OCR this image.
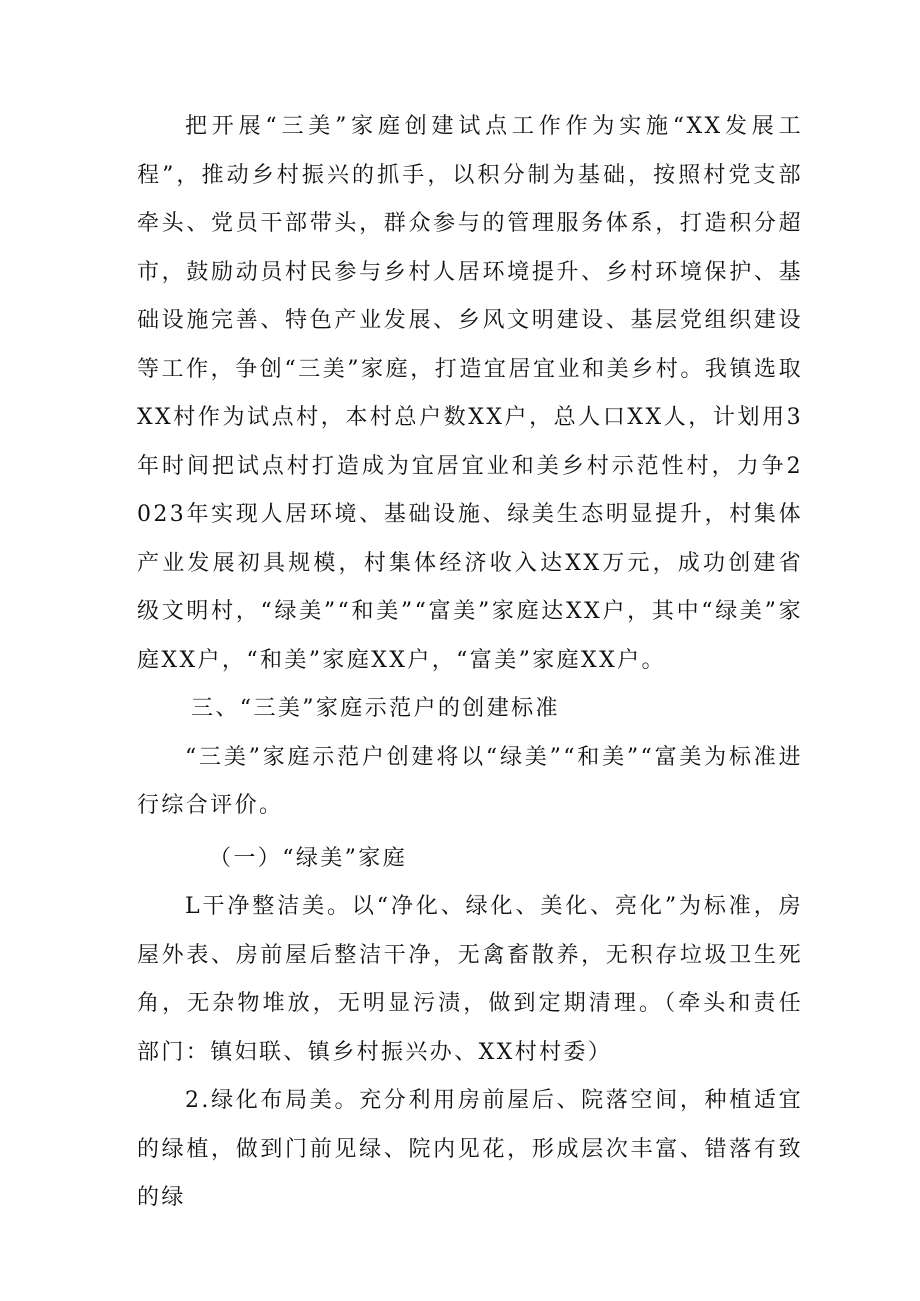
把开展“三美”家庭创建试点工作作为实施“XX发展工程”，推动乡村振兴的抓手，以积分制为基础，按照村党支部牵头、党员干部带头，群众参与的管理服务体系，打造积分超市，鼓励动员村民参与乡村人居环境提升、乡村环境保护、基础设施完善、特色产业发展、乡风文明建设、基层党组织建设等工作，争创“三美”家庭，打造宜居宜业和美乡村。我镇选取XX村作为试点村，本村总户数XX户，总人口XX人，计划用3年时间把试点村打造成为宜居宜业和美乡村示范性村，力争2023年实现人居环境、基础设施、绿美生态明显提升，村集体产业发展初具规模，村集体经济收入达XX万元，成功创建省级文明村，“绿美”“和美”“富美”家庭达XX户，其中“绿美”家庭XX户，“和美”家庭XX户，“富美”家庭XX户。

三、“三美”家庭示范户的创建标准

“三美”家庭示范户创建将以“绿美”“和美”“富美为标准进行综合评价。

（一）“绿美”家庭

L干净整洁美。以“净化、绿化、美化、亮化”为标准，房屋外表、房前屋后整洁干净，无禽畜散养，无积存垃圾卫生死角，无杂物堆放，无明显污渍，做到定期清理。（牵头和责任部门：镇妇联、镇乡村振兴办、XX村村委）

2.绿化布局美。充分利用房前屋后、院落空间，种植适宜的绿植，做到门前见绿、院内见花，形成层次丰富、错落有致的绿
